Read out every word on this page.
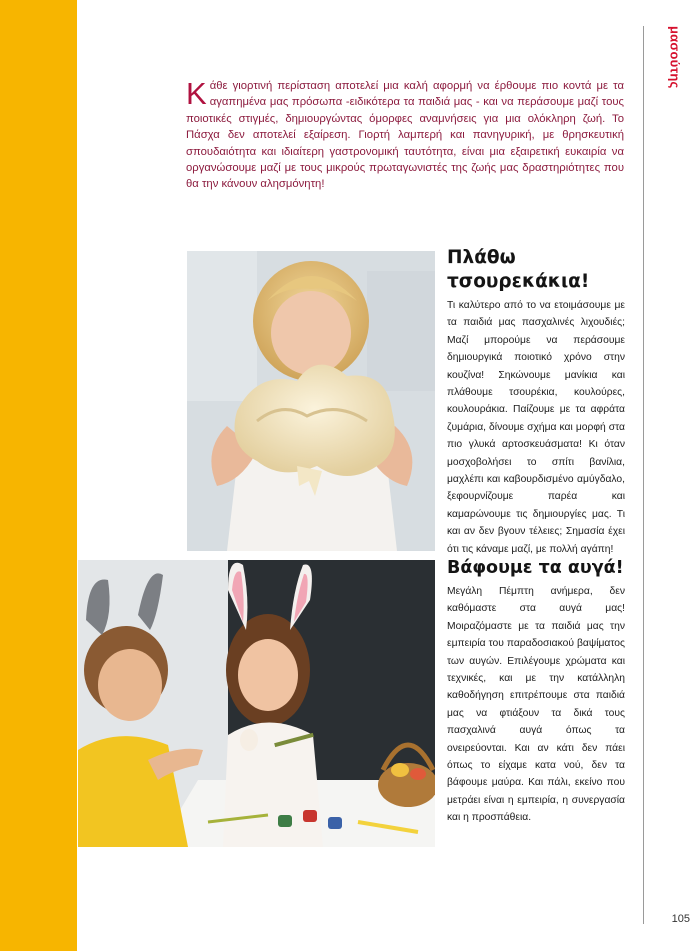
μασούτης
Κάθε γιορτινή περίσταση αποτελεί μια καλή αφορμή να έρθουμε πιο κοντά με τα αγαπημένα μας πρόσωπα -ειδικότερα τα παιδιά μας - και να περάσουμε μαζί τους ποιοτικές στιγμές, δημιουργώντας όμορφες αναμνήσεις για μια ολόκληρη ζωή. Το Πάσχα δεν αποτελεί εξαίρεση. Γιορτή λαμπερή και πανηγυρική, με θρησκευτική σπουδαιότητα και ιδιαίτερη γαστρονομική ταυτότητα, είναι μια εξαιρετική ευκαιρία να οργανώσουμε μαζί με τους μικρούς πρωταγωνιστές της ζωής μας δραστηριότητες που θα την κάνουν αλησμόνητη!
Πλάθω τσουρεκάκια!
Τι καλύτερο από το να ετοιμάσουμε με τα παιδιά μας πασχαλινές λιχουδιές; Μαζί μπορούμε να περάσουμε δημιουργικά ποιοτικό χρόνο στην κουζίνα! Σηκώνουμε μανίκια και πλάθουμε τσουρέκια, κουλούρες, κουλουράκια. Παίζουμε με τα αφράτα ζυμάρια, δίνουμε σχήμα και μορφή στα πιο γλυκά αρτοσκευάσματα! Κι όταν μοσχοβολήσει το σπίτι βανίλια, μαχλέπι και καβουρδισμένο αμύγδαλο, ξεφουρνίζουμε παρέα και καμαρώνουμε τις δημιουργίες μας. Τι και αν δεν βγουν τέλειες; Σημασία έχει ότι τις κάναμε μαζί, με πολλή αγάπη!
Βάφουμε τα αυγά!
Μεγάλη Πέμπτη ανήμερα, δεν καθόμαστε στα αυγά μας! Μοιραζόμαστε με τα παιδιά μας την εμπειρία του παραδοσιακού βαψίματος των αυγών. Επιλέγουμε χρώματα και τεχνικές, και με την κατάλληλη καθοδήγηση επιτρέπουμε στα παιδιά μας να φτιάξουν τα δικά τους πασχαλινά αυγά όπως τα ονειρεύονται. Και αν κάτι δεν πάει όπως το είχαμε κατα νού, δεν τα βάφουμε μαύρα. Και πάλι, εκείνο που μετράει είναι η εμπειρία, η συνεργασία και η προσπάθεια.
105
